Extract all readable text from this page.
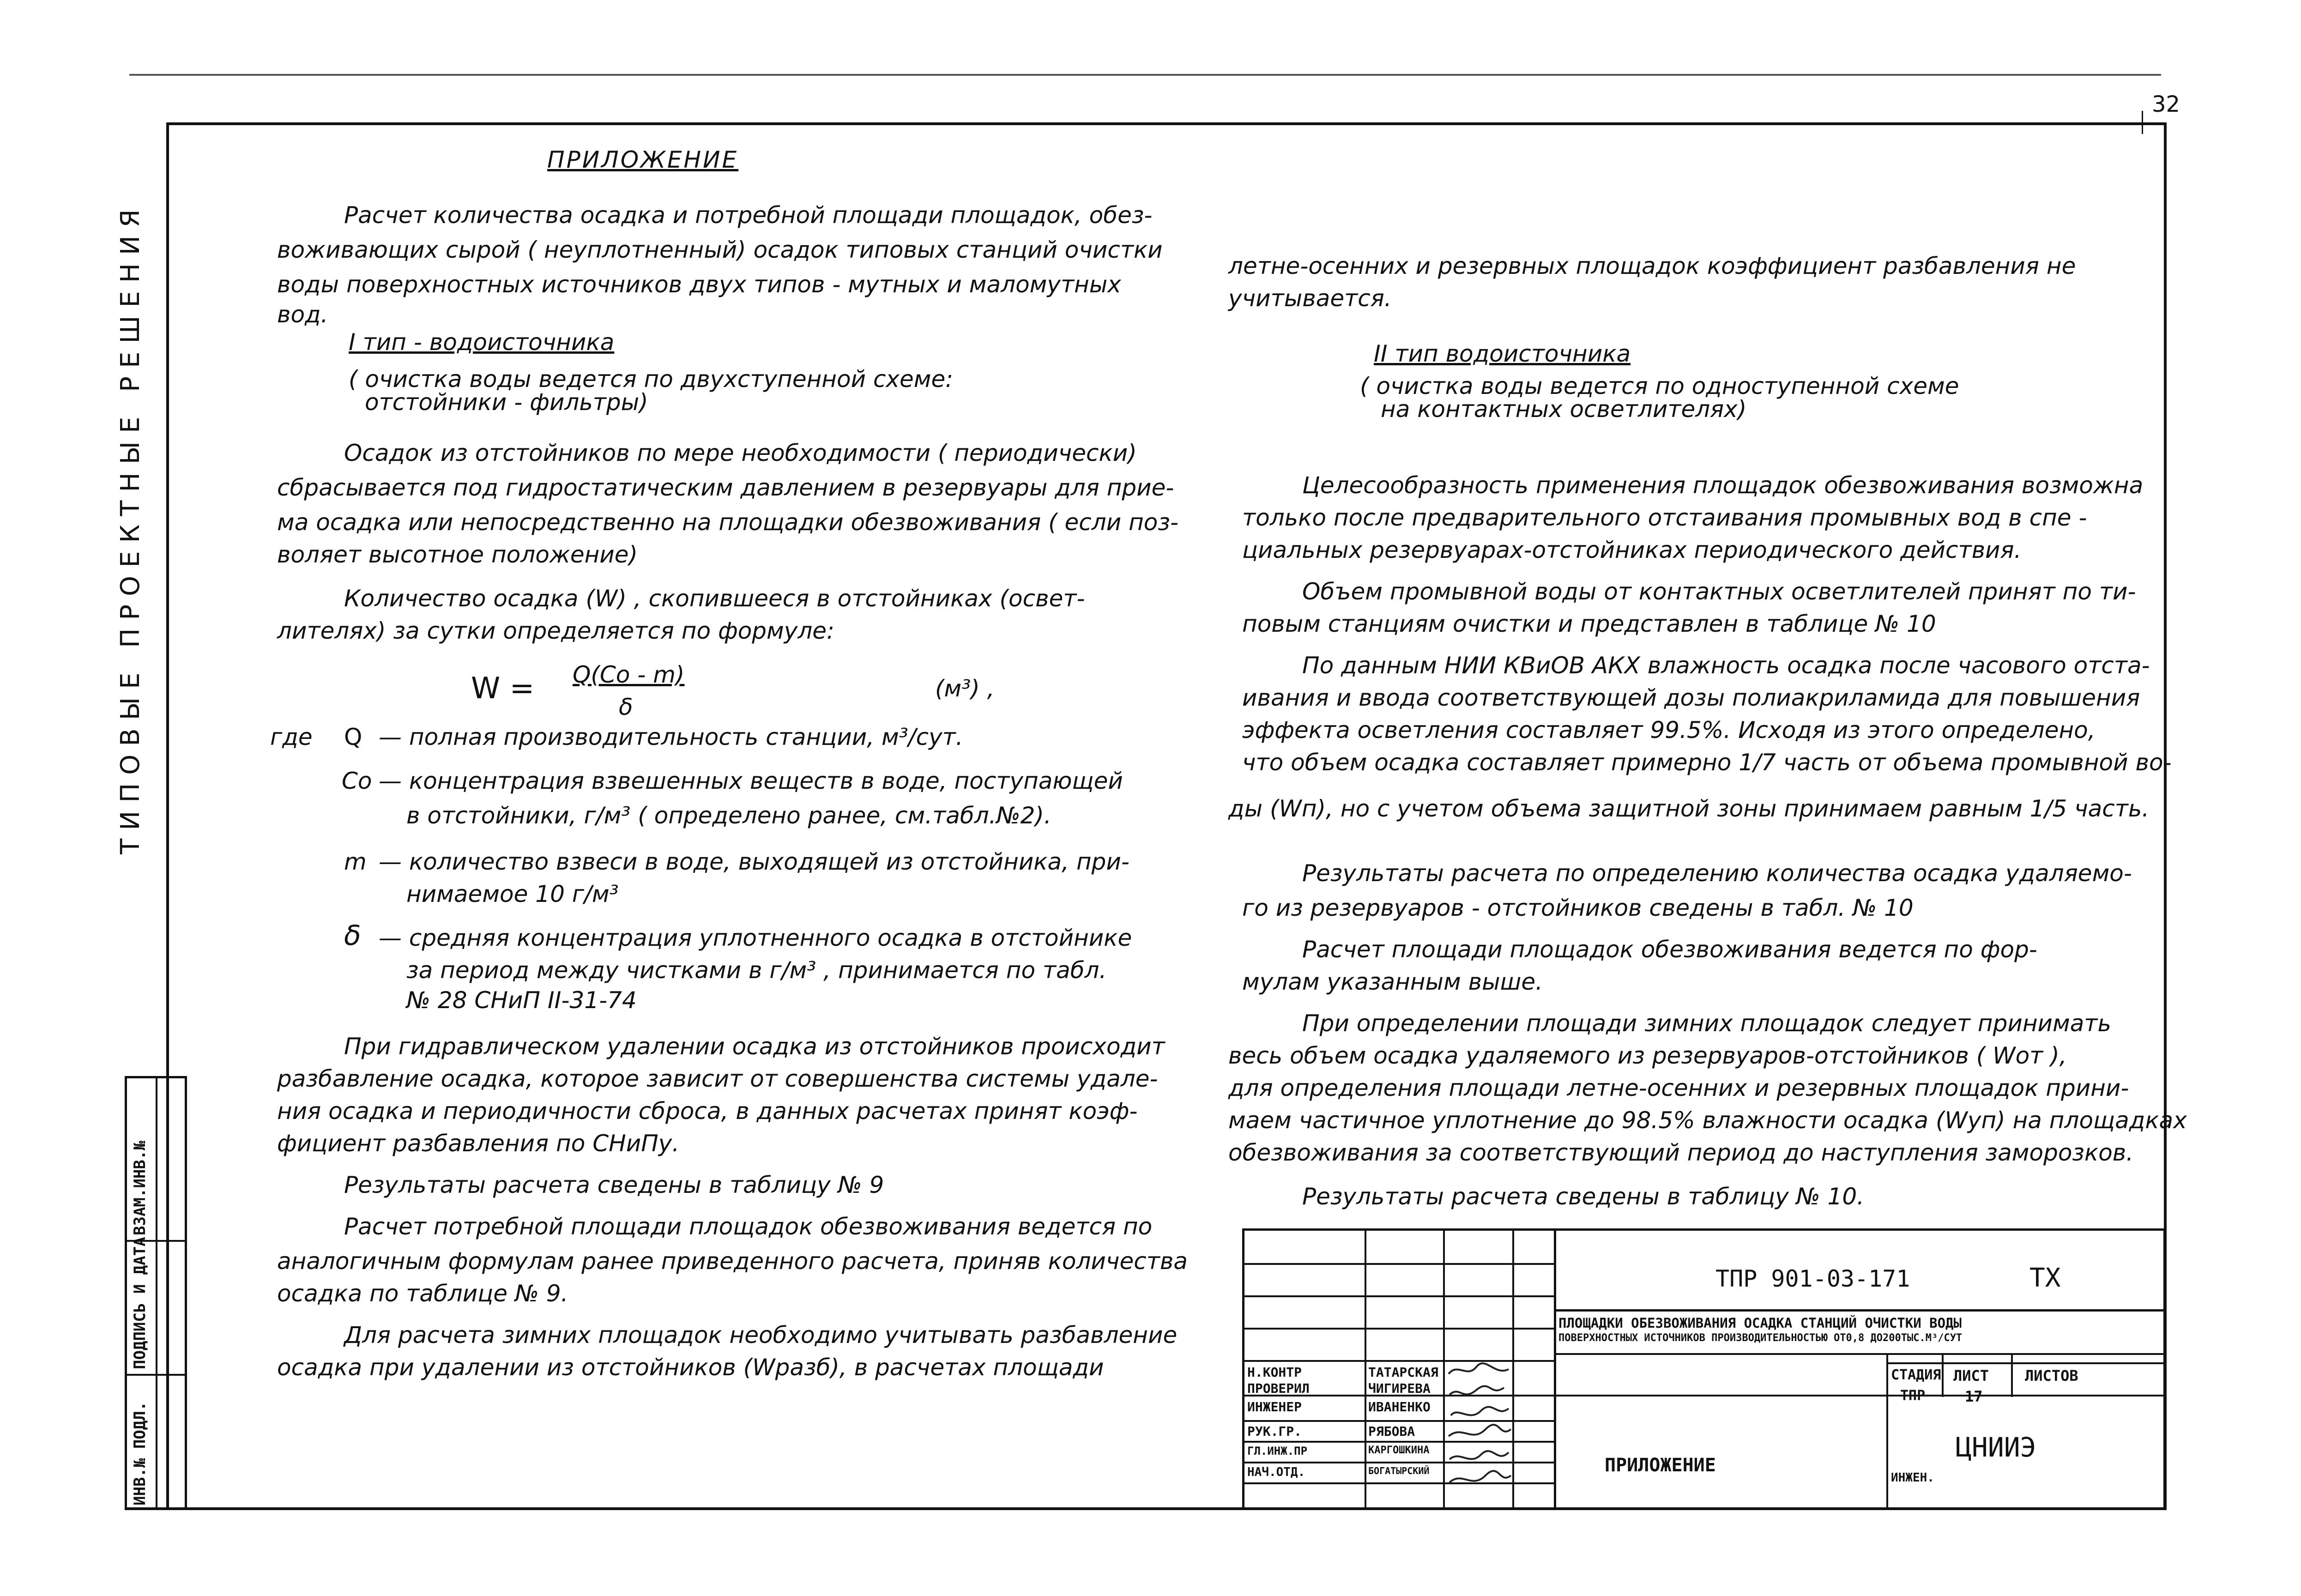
32
ТИПОВЫЕ ПРОЕКТНЫЕ РЕШЕНИЯ
ИНВ.№ ПОДЛ.
ПОДПИСЬ И ДАТА
ВЗАМ.ИНВ.№
ПРИЛОЖЕНИЕ
Расчет количества осадка и потребной площади площадок, обез-
воживающих сырой ( неуплотненный) осадок типовых станций очистки
воды поверхностных источников двух типов - мутных и маломутных
вод.
I тип - водоисточника
( очистка воды ведется по двухступенной схеме:
отстойники - фильтры)
Осадок из отстойников по мере необходимости ( периодически)
сбрасывается под гидростатическим давлением в резервуары для прие-
ма осадка или непосредственно на площадки обезвоживания ( если поз-
воляет высотное положение)
Количество осадка (W) , скопившееся в отстойниках (освет-
лителях) за сутки определяется по формуле:
W = Q(Cо - m)
δ
(м³) ,
где Q — полная производительность станции, м³/сут.
Cо — концентрация взвешенных веществ в воде, поступающей
в отстойники, г/м³ ( определено ранее, см.табл.№2).
m — количество взвеси в воде, выходящей из отстойника, при-
нимаемое 10 г/м³
δ — средняя концентрация уплотненного осадка в отстойнике
за период между чистками в г/м³ , принимается по табл.
№ 28 СНиП II-31-74
При гидравлическом удалении осадка из отстойников происходит
разбавление осадка, которое зависит от совершенства системы удале-
ния осадка и периодичности сброса, в данных расчетах принят коэф-
фициент разбавления по СНиПу.
Результаты расчета сведены в таблицу № 9
Расчет потребной площади площадок обезвоживания ведется по
аналогичным формулам ранее приведенного расчета, приняв количества
осадка по таблице № 9.
Для расчета зимних площадок необходимо учитывать разбавление
осадка при удалении из отстойников (Wразб), в расчетах площади
летне-осенних и резервных площадок коэффициент разбавления не
учитывается.
II тип водоисточника
( очистка воды ведется по одноступенной схеме
на контактных осветлителях)
Целесообразность применения площадок обезвоживания возможна
только после предварительного отстаивания промывных вод в спе -
циальных резервуарах-отстойниках периодического действия.
Объем промывной воды от контактных осветлителей принят по ти-
повым станциям очистки и представлен в таблице № 10
По данным НИИ КВиОВ АКХ влажность осадка после часового отста-
ивания и ввода соответствующей дозы полиакриламида для повышения
эффекта осветления составляет 99.5%. Исходя из этого определено,
что объем осадка составляет примерно 1/7 часть от объема промывной во-
ды (Wп), но с учетом объема защитной зоны принимаем равным 1/5 часть.
Результаты расчета по определению количества осадка удаляемо-
го из резервуаров - отстойников сведены в табл. № 10
Расчет площади площадок обезвоживания ведется по фор-
мулам указанным выше.
При определении площади зимних площадок следует принимать
весь объем осадка удаляемого из резервуаров-отстойников ( Wот ),
для определения площади летне-осенних и резервных площадок прини-
маем частичное уплотнение до 98.5% влажности осадка (Wуп) на площадках
обезвоживания за соответствующий период до наступления заморозков.
Результаты расчета сведены в таблицу № 10.
ТПР 901-03-171	ТХ
ПЛОЩАДКИ ОБЕЗВОЖИВАНИЯ ОСАДКА СТАНЦИЙ ОЧИСТКИ ВОДЫ
ПОВЕРХНОСТНЫХ ИСТОЧНИКОВ ПРОИЗВОДИТЕЛЬНОСТЬЮ ОТ0,8 ДО200ТЫС.М³/СУТ
СТАДИЯ ЛИСТ ЛИСТОВ
ТПР	17
ПРИЛОЖЕНИЕ
ЦНИИЭ
ИНЖЕН.
Н.КОНТР
ПРОВЕРИЛ
ИНЖЕНЕР
РУК.ГР.
ГЛ.ИНЖ.ПР
НАЧ.ОТД.
ТАТАРСКАЯ
ЧИГИРЕВА
ИВАНЕНКО
РЯБОВА
КАРГОШКИНА
БОГАТЫРСКИЙ
